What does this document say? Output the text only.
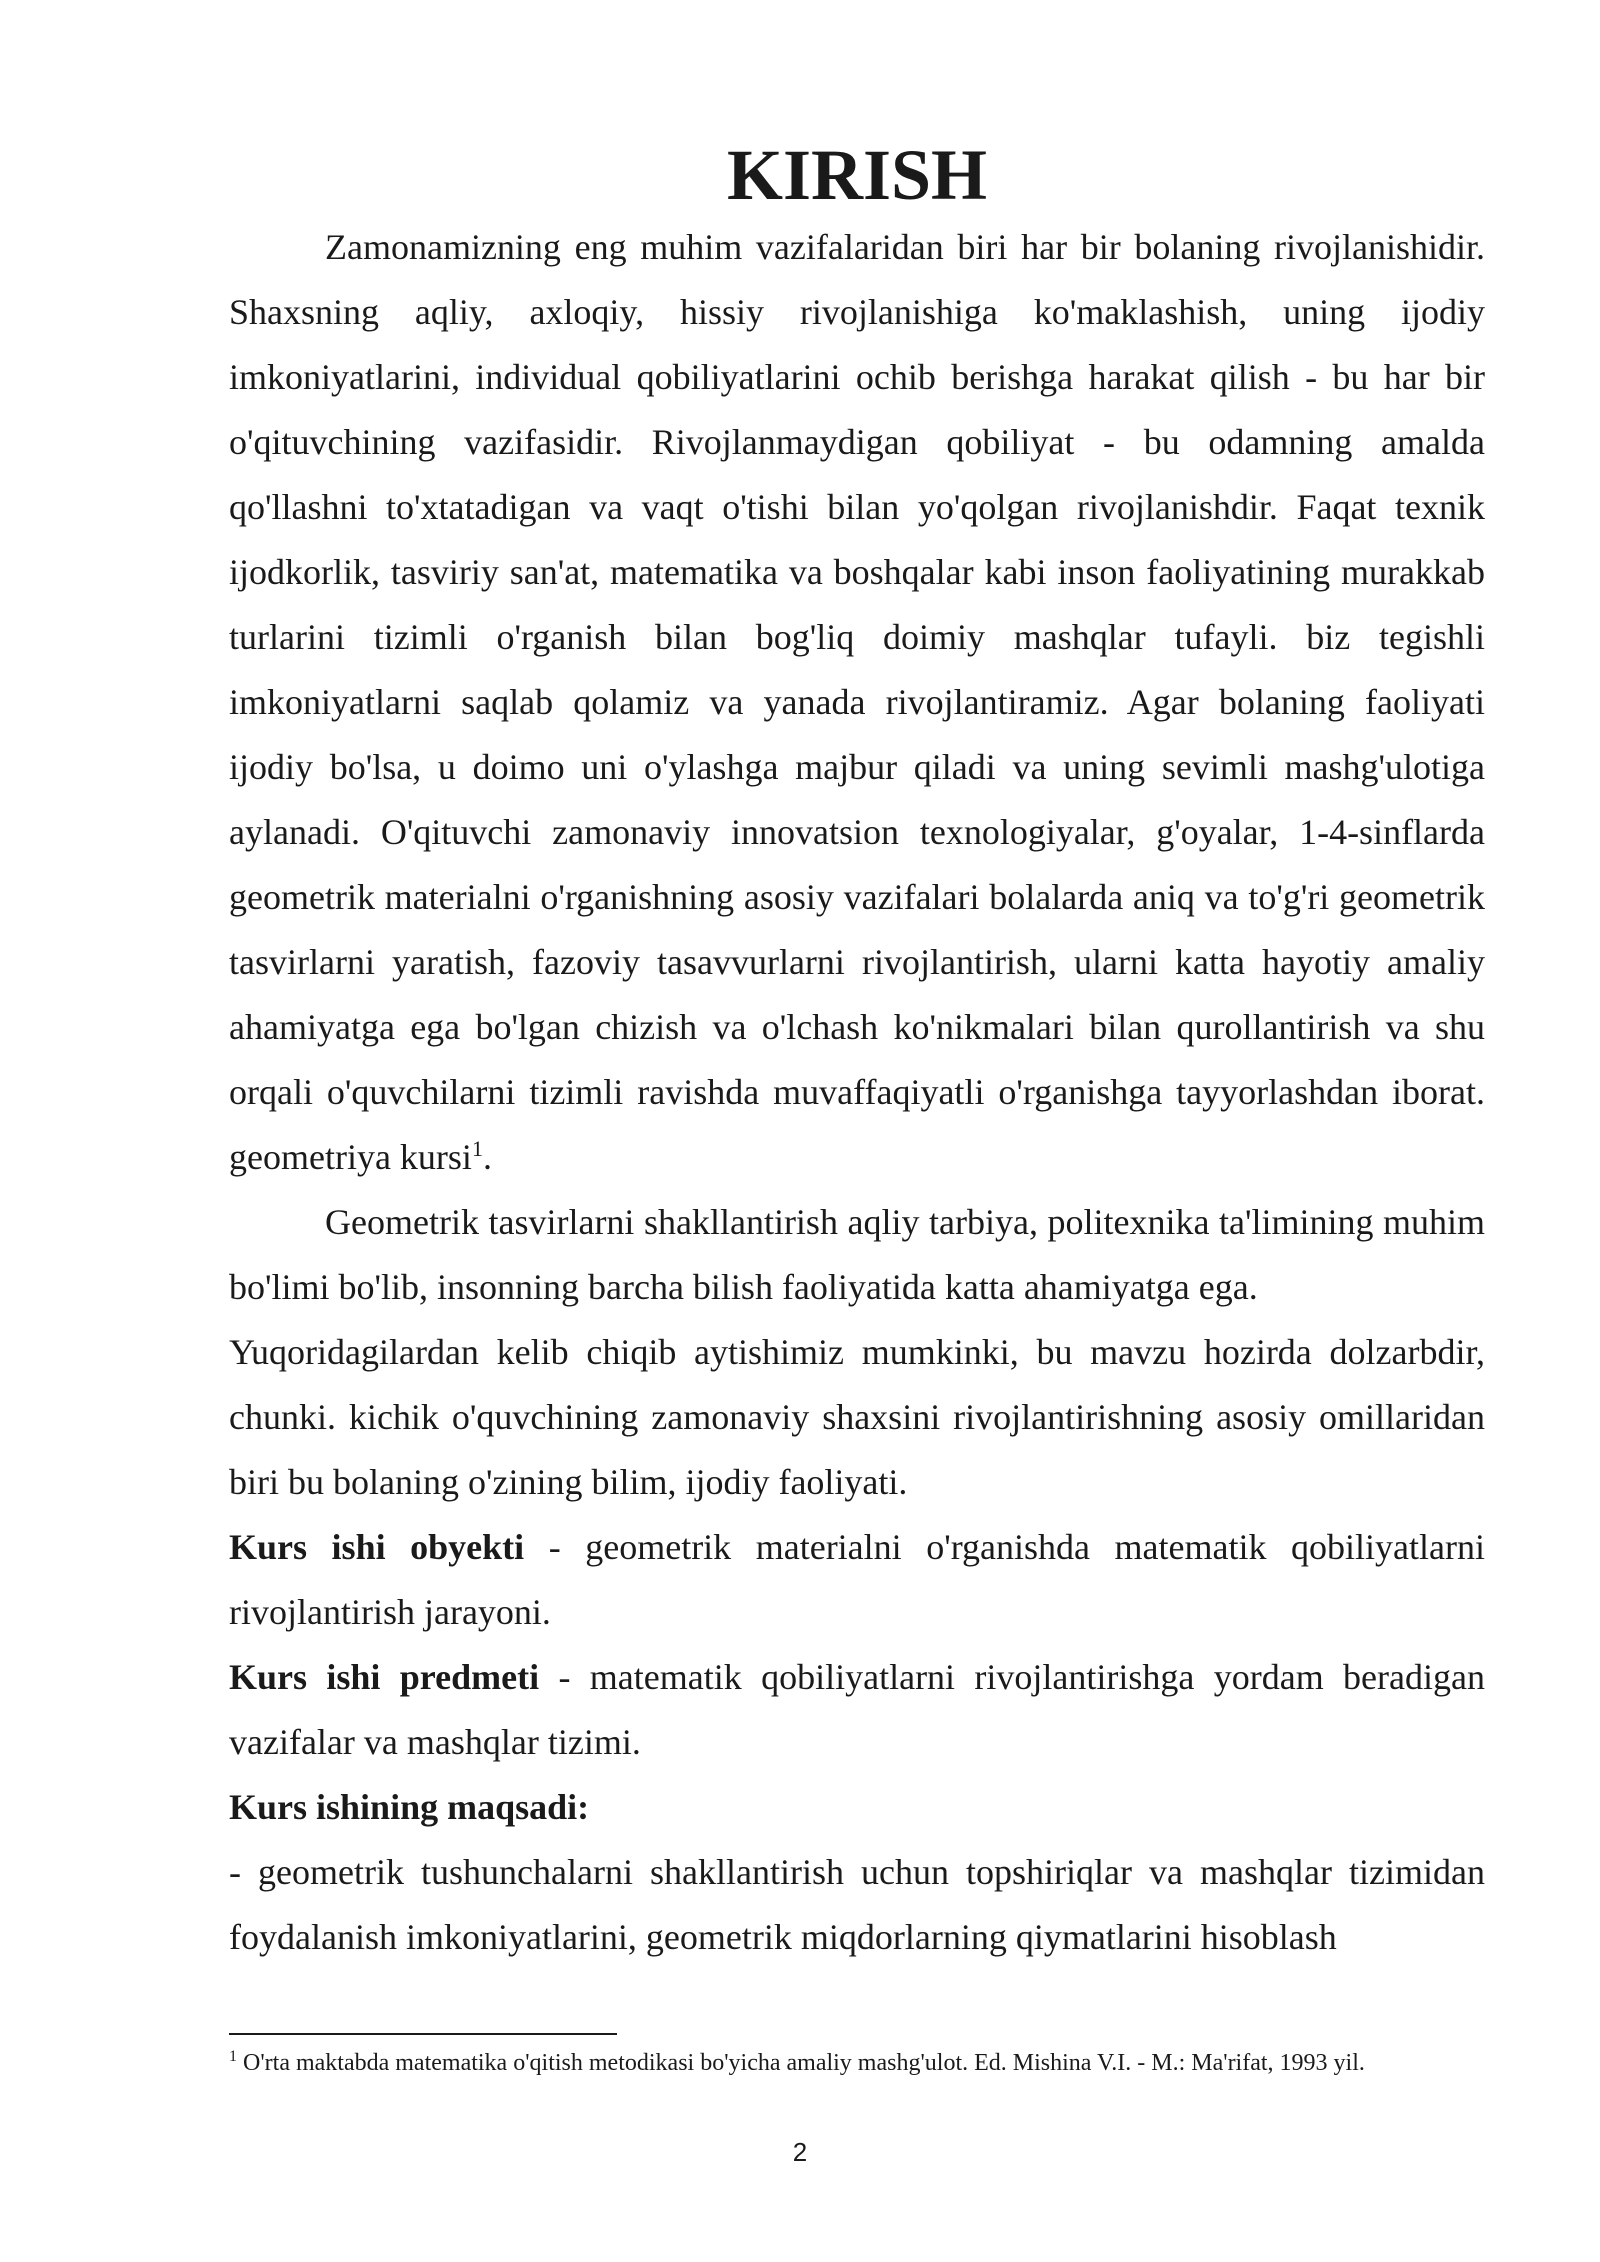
KIRISH

Zamonamizning eng muhim vazifalaridan biri har bir bolaning rivojlanishidir. Shaxsning aqliy, axloqiy, hissiy rivojlanishiga ko'maklashish, uning ijodiy imkoniyatlarini, individual qobiliyatlarini ochib berishga harakat qilish - bu har bir o'qituvchining vazifasidir. Rivojlanmaydigan qobiliyat - bu odamning amalda qo'llashni to'xtatadigan va vaqt o'tishi bilan yo'qolgan rivojlanishdir. Faqat texnik ijodkorlik, tasviriy san'at, matematika va boshqalar kabi inson faoliyatining murakkab turlarini tizimli o'rganish bilan bog'liq doimiy mashqlar tufayli. biz tegishli imkoniyatlarni saqlab qolamiz va yanada rivojlantiramiz. Agar bolaning faoliyati ijodiy bo'lsa, u doimo uni o'ylashga majbur qiladi va uning sevimli mashg'ulotiga aylanadi. O'qituvchi zamonaviy innovatsion texnologiyalar, g'oyalar, 1-4-sinflarda geometrik materialni o'rganishning asosiy vazifalari bolalarda aniq va to'g'ri geometrik tasvirlarni yaratish, fazoviy tasavvurlarni rivojlantirish, ularni katta hayotiy amaliy ahamiyatga ega bo'lgan chizish va o'lchash ko'nikmalari bilan qurollantirish va shu orqali o'quvchilarni tizimli ravishda muvaffaqiyatli o'rganishga tayyorlashdan iborat. geometriya kursi$^1$.

Geometrik tasvirlarni shakllantirish aqliy tarbiya, politexnika ta'limining muhim bo'limi bo'lib, insonning barcha bilish faoliyatida katta ahamiyatga ega.

Yuqoridagilardan kelib chiqib aytishimiz mumkinki, bu mavzu hozirda dolzarbdir, chunki. kichik o'quvchining zamonaviy shaxsini rivojlantirishning asosiy omillaridan biri bu bolaning o'zining bilim, ijodiy faoliyati.

Kurs ishi obyekti - geometrik materialni o'rganishda matematik qobiliyatlarni rivojlantirish jarayoni.

Kurs ishi predmeti - matematik qobiliyatlarni rivojlantirishga yordam beradigan vazifalar va mashqlar tizimi.

Kurs ishining maqsadi:

- geometrik tushunchalarni shakllantirish uchun topshiriqlar va mashqlar tizimidan foydalanish imkoniyatlarini, geometrik miqdorlarning qiymatlarini hisoblash

$^1$ O'rta maktabda matematika o'qitish metodikasi bo'yicha amaliy mashg'ulot. Ed. Mishina V.I. - M.: Ma'rifat, 1993 yil.

2
